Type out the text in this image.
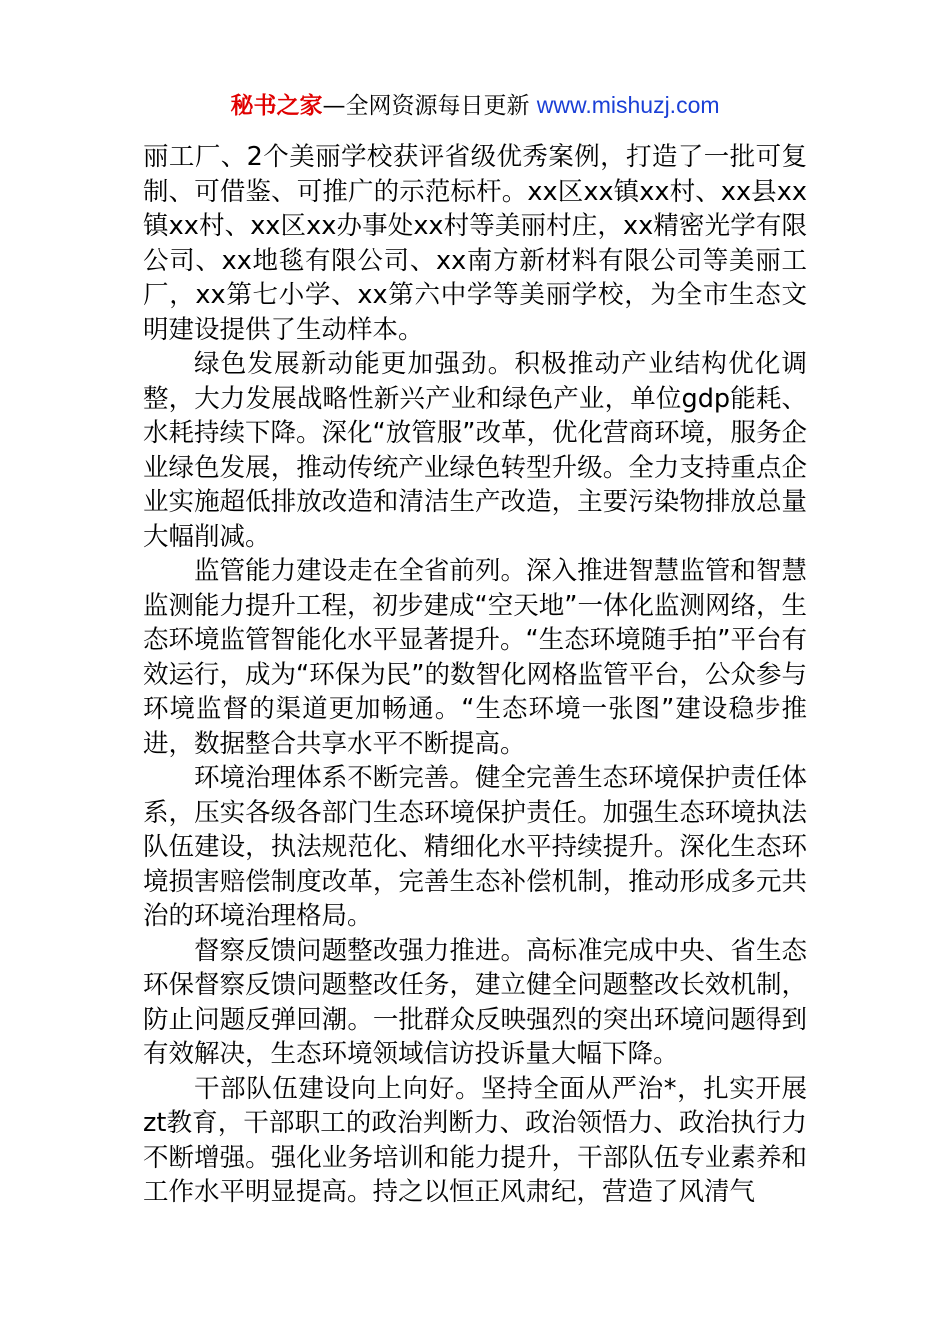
秘书之家—全网资源每日更新 www.mishuzj.com

丽工厂、2个美丽学校获评省级优秀案例，打造了一批可复制、可借鉴、可推广的示范标杆。xx区xx镇xx村、xx县xx镇xx村、xx区xx办事处xx村等美丽村庄，xx精密光学有限公司、xx地毯有限公司、xx南方新材料有限公司等美丽工厂，xx第七小学、xx第六中学等美丽学校，为全市生态文明建设提供了生动样本。

绿色发展新动能更加强劲。积极推动产业结构优化调整，大力发展战略性新兴产业和绿色产业，单位gdp能耗、水耗持续下降。深化“放管服”改革，优化营商环境，服务企业绿色发展，推动传统产业绿色转型升级。全力支持重点企业实施超低排放改造和清洁生产改造，主要污染物排放总量大幅削减。

监管能力建设走在全省前列。深入推进智慧监管和智慧监测能力提升工程，初步建成“空天地”一体化监测网络，生态环境监管智能化水平显著提升。“生态环境随手拍”平台有效运行，成为“环保为民”的数智化网格监管平台，公众参与环境监督的渠道更加畅通。“生态环境一张图”建设稳步推进，数据整合共享水平不断提高。

环境治理体系不断完善。健全完善生态环境保护责任体系，压实各级各部门生态环境保护责任。加强生态环境执法队伍建设，执法规范化、精细化水平持续提升。深化生态环境损害赔偿制度改革，完善生态补偿机制，推动形成多元共治的环境治理格局。

督察反馈问题整改强力推进。高标准完成中央、省生态环保督察反馈问题整改任务，建立健全问题整改长效机制，防止问题反弹回潮。一批群众反映强烈的突出环境问题得到有效解决，生态环境领域信访投诉量大幅下降。

干部队伍建设向上向好。坚持全面从严治*，扎实开展zt教育，干部职工的政治判断力、政治领悟力、政治执行力不断增强。强化业务培训和能力提升，干部队伍专业素养和工作水平明显提高。持之以恒正风肃纪，营造了风清气
